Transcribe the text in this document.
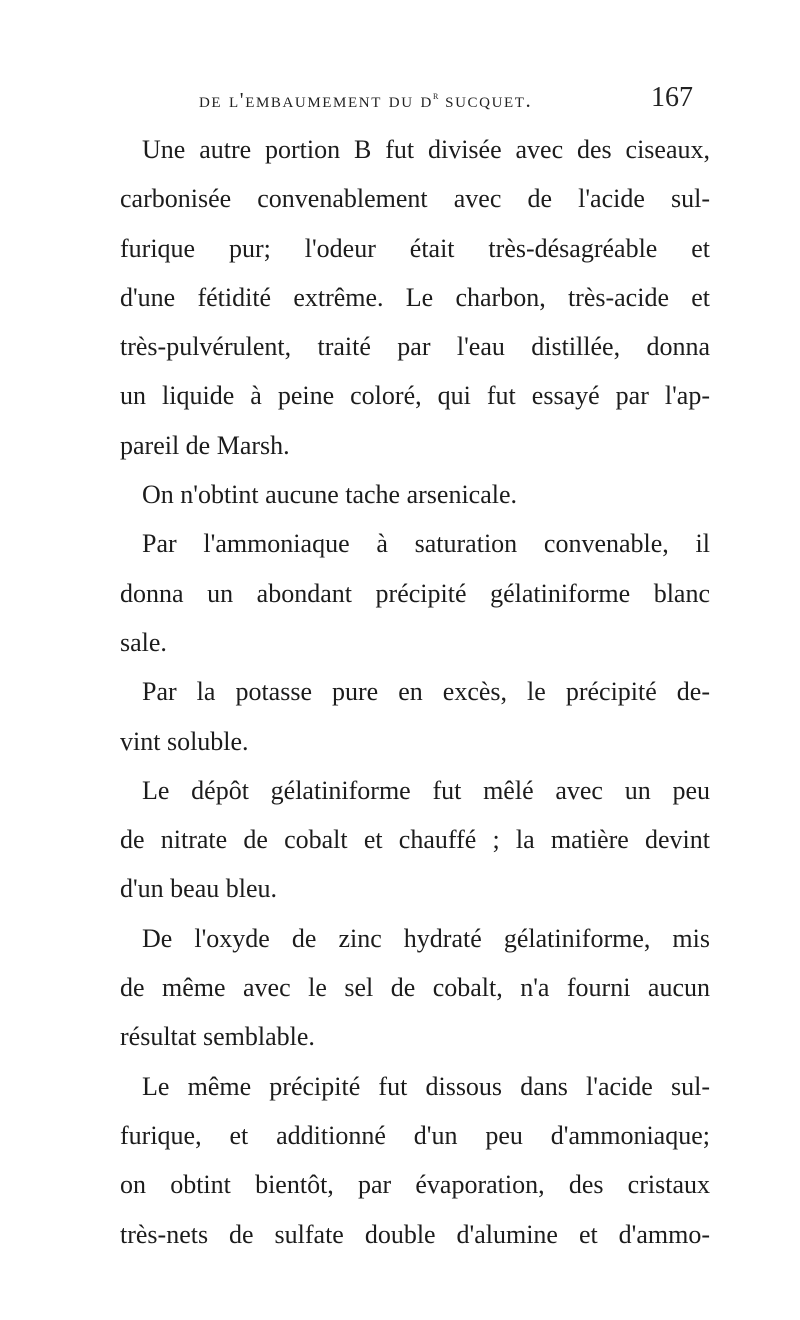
de l'embaumement du $d^r$ sucquet.	167
Une autre portion B fut divisée avec des ciseaux,
carbonisée convenablement avec de l'acide sul-
furique pur; l'odeur était très-désagréable et
d'une fétidité extrême. Le charbon, très-acide et
très-pulvérulent, traité par l'eau distillée, donna
un liquide à peine coloré, qui fut essayé par l'ap-
pareil de Marsh.
On n'obtint aucune tache arsenicale.
Par l'ammoniaque à saturation convenable, il
donna un abondant précipité gélatiniforme blanc
sale.
Par la potasse pure en excès, le précipité de-
vint soluble.
Le dépôt gélatiniforme fut mêlé avec un peu
de nitrate de cobalt et chauffé ; la matière devint
d'un beau bleu.
De l'oxyde de zinc hydraté gélatiniforme, mis
de même avec le sel de cobalt, n'a fourni aucun
résultat semblable.
Le même précipité fut dissous dans l'acide sul-
furique, et additionné d'un peu d'ammoniaque;
on obtint bientôt, par évaporation, des cristaux
très-nets de sulfate double d'alumine et d'ammo-
